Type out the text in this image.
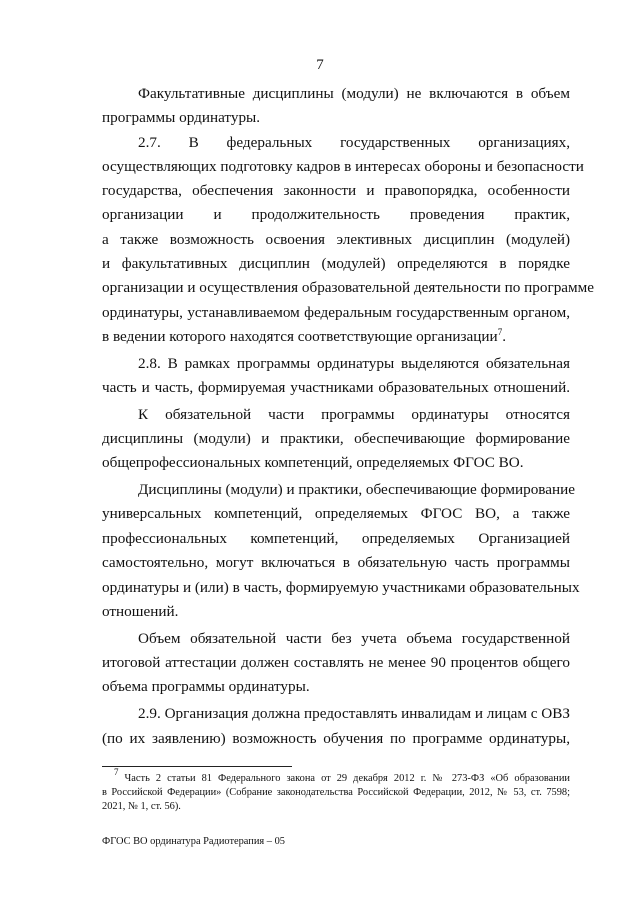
7
Факультативные дисциплины (модули) не включаются в объем
программы ординатуры.
2.7. В федеральных государственных организациях,
осуществляющих подготовку кадров в интересах обороны и безопасности
государства, обеспечения законности и правопорядка, особенности
организации и продолжительность проведения практик,
а также возможность освоения элективных дисциплин (модулей)
и факультативных дисциплин (модулей) определяются в порядке
организации и осуществления образовательной деятельности по программе
ординатуры, устанавливаемом федеральным государственным органом,
в ведении которого находятся соответствующие организации$^7$.
2.8. В рамках программы ординатуры выделяются обязательная
часть и часть, формируемая участниками образовательных отношений.
К обязательной части программы ординатуры относятся
дисциплины (модули) и практики, обеспечивающие формирование
общепрофессиональных компетенций, определяемых ФГОС ВО.
Дисциплины (модули) и практики, обеспечивающие формирование
универсальных компетенций, определяемых ФГОС ВО, а также
профессиональных компетенций, определяемых Организацией
самостоятельно, могут включаться в обязательную часть программы
ординатуры и (или) в часть, формируемую участниками образовательных
отношений.
Объем обязательной части без учета объема государственной
итоговой аттестации должен составлять не менее 90 процентов общего
объема программы ординатуры.
2.9. Организация должна предоставлять инвалидам и лицам с ОВЗ
(по их заявлению) возможность обучения по программе ординатуры,
$^7$ Часть 2 статьи 81 Федерального закона от 29 декабря 2012 г. № 273-ФЗ «Об образовании
в Российской Федерации» (Собрание законодательства Российской Федерации, 2012, № 53, ст. 7598;
2021, № 1, ст. 56).
ФГОС ВО ординатура Радиотерапия – 05
